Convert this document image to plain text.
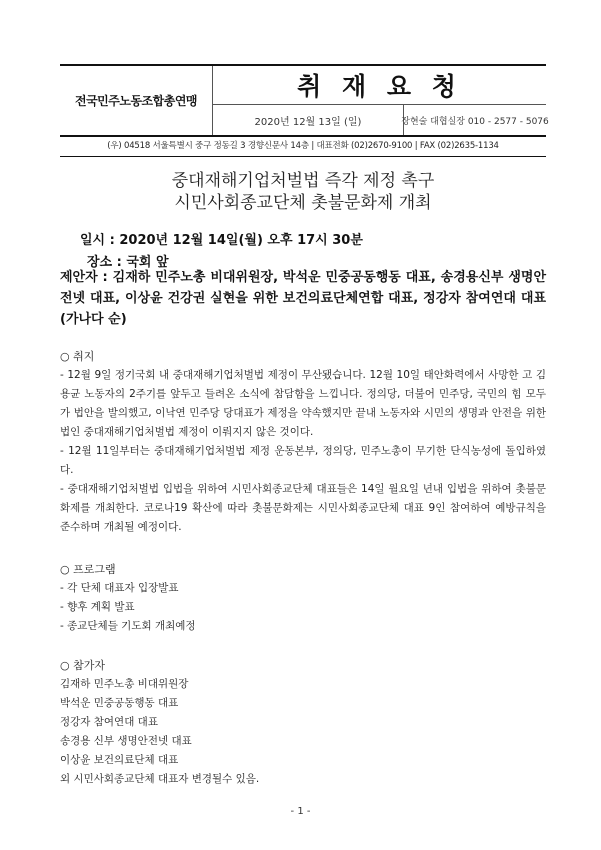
전국민주노동조합총연맹	취 재 요 청
2020년 12월 13일 (일)	장현술 대협실장 010 - 2577 - 5076
(우) 04518 서울특별시 중구 정동길 3 경향신문사 14층 | 대표전화 (02)2670-9100 | FAX (02)2635-1134
중대재해기업처벌법 즉각 제정 촉구
시민사회종교단체 촛불문화제 개최
일시 : 2020년 12월 14일(월) 오후 17시 30분
장소 : 국회 앞
제안자 : 김재하 민주노총 비대위원장, 박석운 민중공동행동 대표, 송경용신부 생명안전넷 대표, 이상윤 건강권 실현을 위한 보건의료단체연합 대표, 정강자 참여연대 대표 (가나다 순)
○ 취지
- 12월 9일 정기국회 내 중대재해기업처벌법 제정이 무산됐습니다. 12월 10일 태안화력에서 사망한 고 김용균 노동자의 2주기를 앞두고 들려온 소식에 참담함을 느낍니다. 정의당, 더불어 민주당, 국민의 힘 모두가 법안을 발의했고, 이낙연 민주당 당대표가 제정을 약속했지만 끝내 노동자와 시민의 생명과 안전을 위한 법인 중대재해기업처벌법 제정이 이뤄지지 않은 것이다.
- 12월 11일부터는 중대재해기업처벌법 제정 운동본부, 정의당, 민주노총이 무기한 단식농성에 돌입하였다.
- 중대재해기업처벌법 입법을 위하여 시민사회종교단체 대표들은 14일 월요일 년내 입법을 위하여 촛불문화제를 개최한다. 코로나19 확산에 따라 촛불문화제는 시민사회종교단체 대표 9인 참여하여 예방규칙을 준수하며 개최될 예정이다.
○ 프로그램
- 각 단체 대표자 입장발표
- 향후 계획 발표
- 종교단체들 기도회 개최예정
○ 참가자
김재하 민주노총 비대위원장
박석운 민중공동행동 대표
정강자 참여연대 대표
송경용 신부 생명안전넷 대표
이상윤 보건의료단체 대표
외 시민사회종교단체 대표자 변경될수 있음.
- 1 -
